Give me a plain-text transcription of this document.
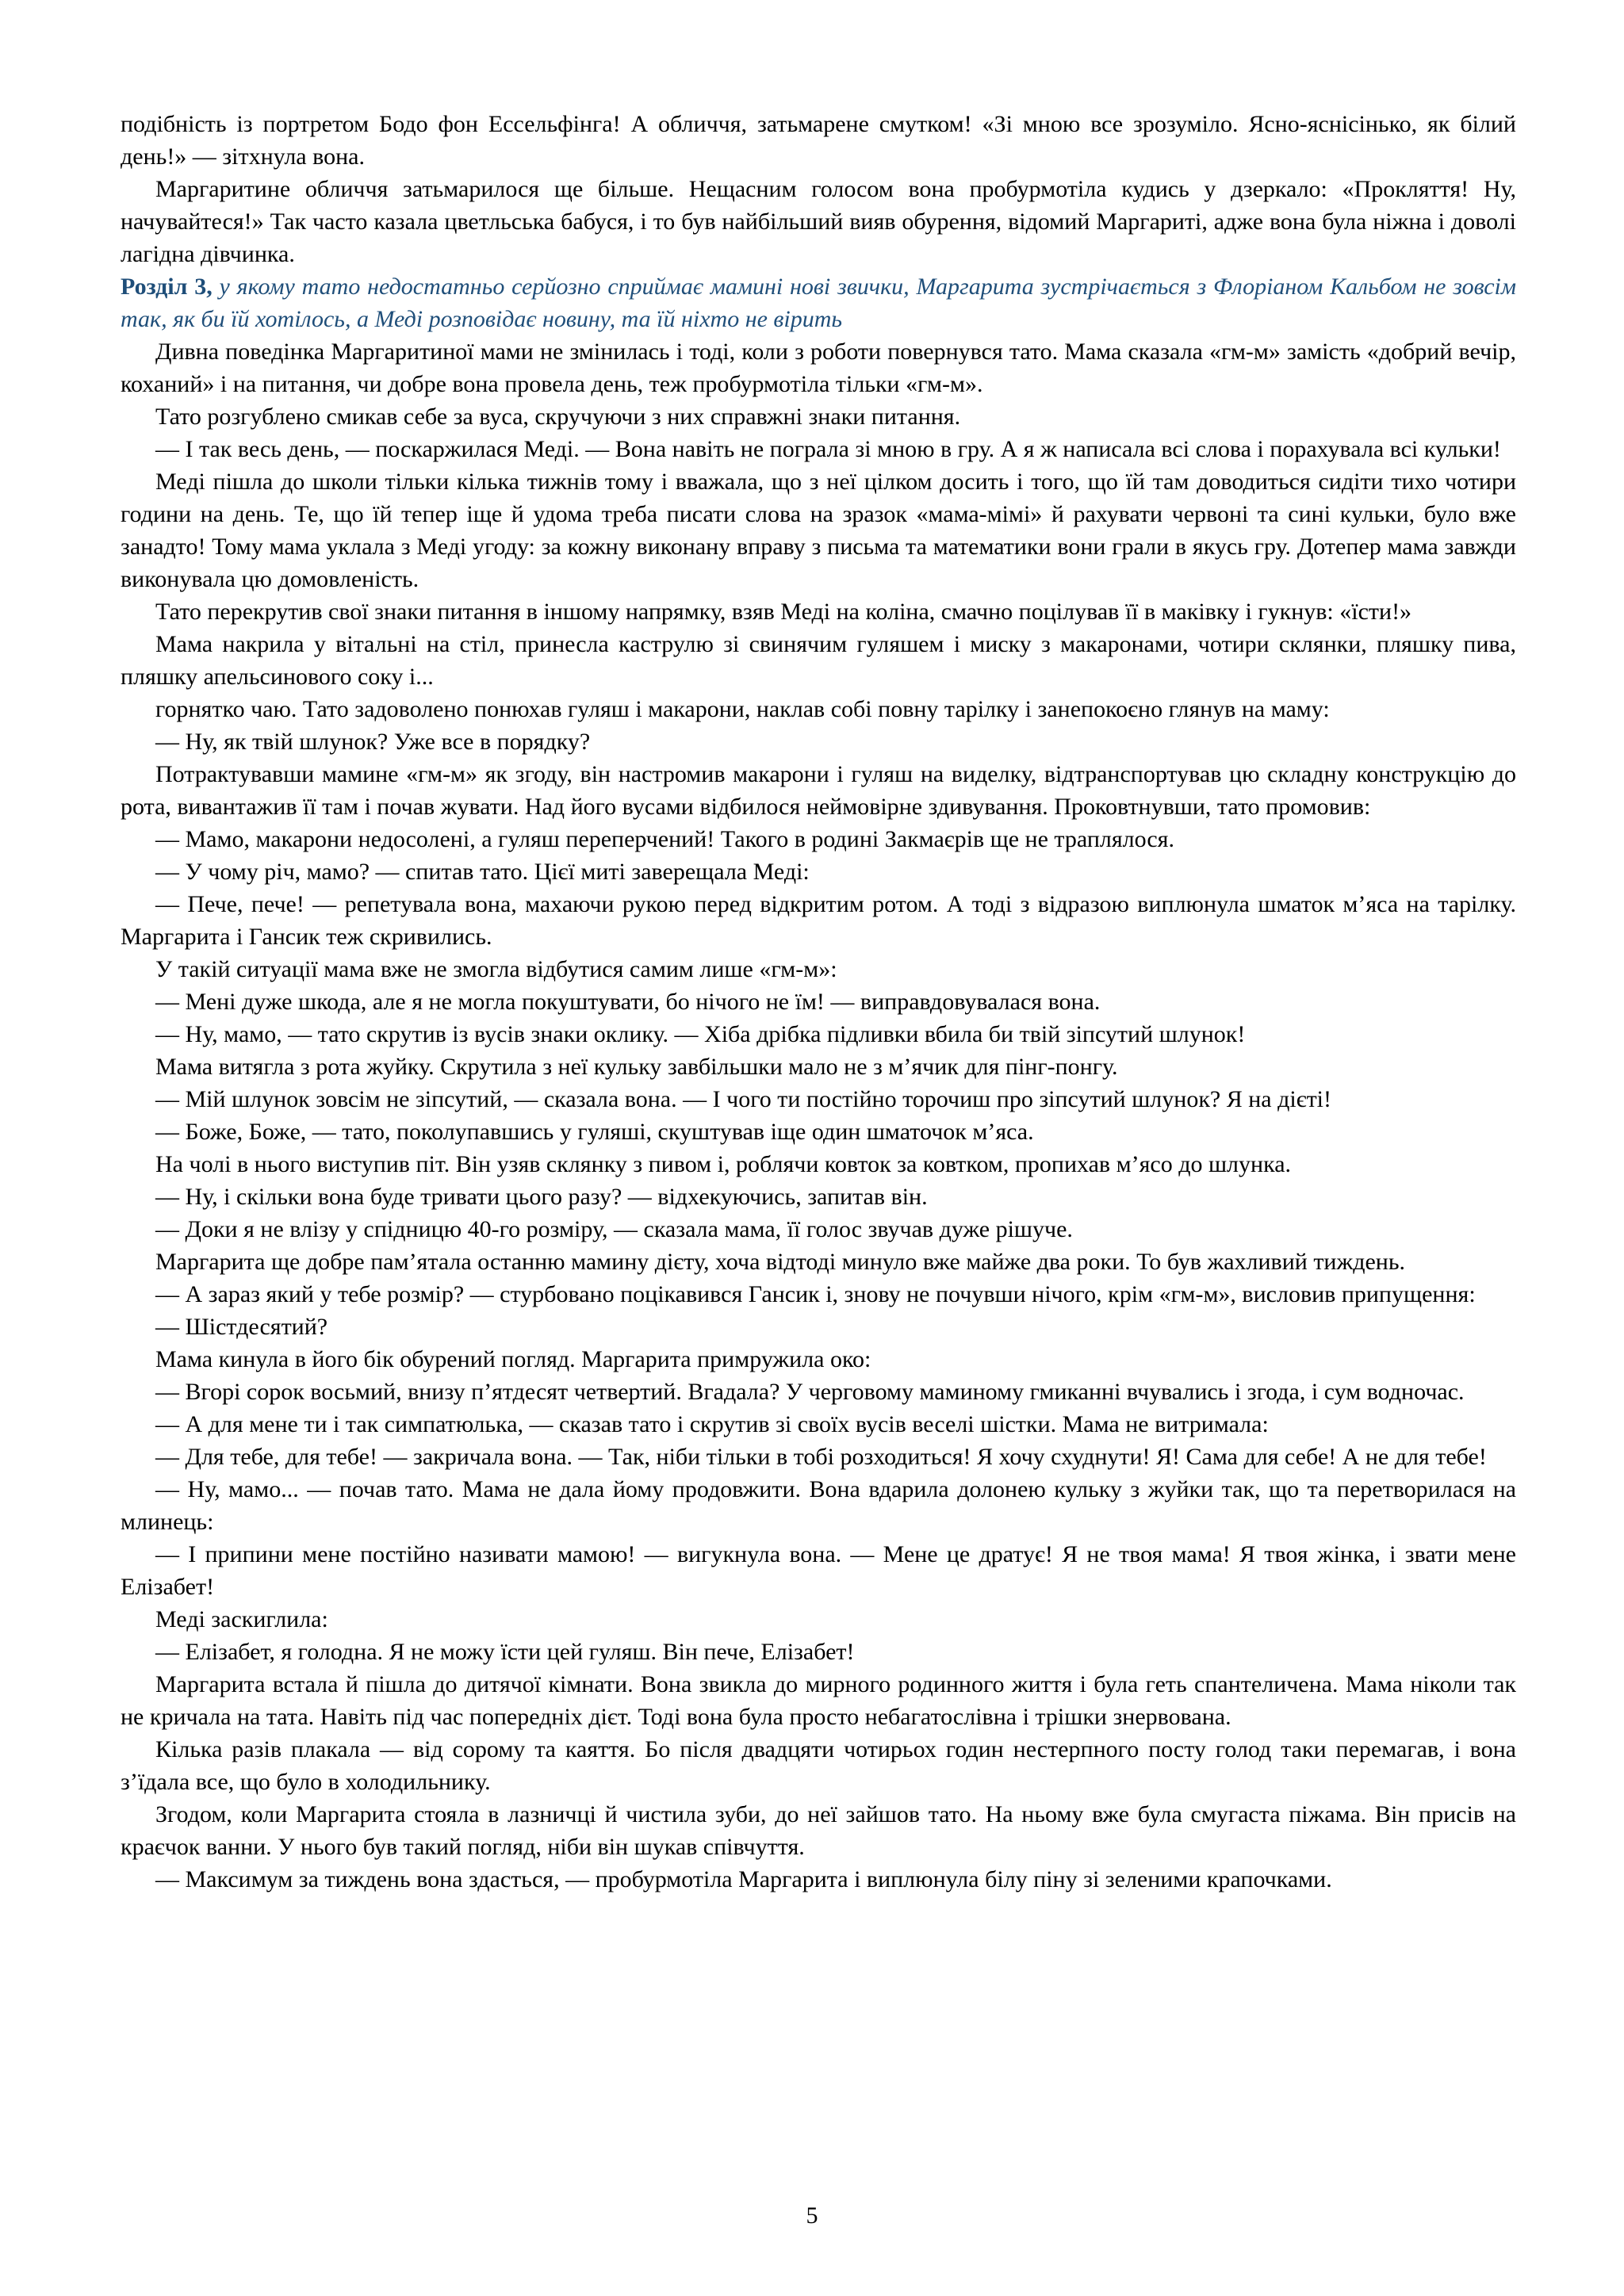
подібність із портретом Бодо фон Ессельфінга! А обличчя, затьмарене смутком! «Зі мною все зрозуміло. Ясно-яснісінько, як білий день!» — зітхнула вона.

Маргаритине обличчя затьмарилося ще більше. Нещасним голосом вона пробурмотіла кудись у дзеркало: «Прокляття! Ну, начувайтеся!» Так часто казала цветльська бабуся, і то був найбільший вияв обурення, відомий Маргариті, адже вона була ніжна і доволі лагідна дівчинка.

Розділ 3, у якому тато недостатньо серйозно сприймає мамині нові звички, Маргарита зустрічається з Флоріаном Кальбом не зовсім так, як би їй хотілось, а Меді розповідає новину, та їй ніхто не вірить

Дивна поведінка Маргаритиної мами не змінилась і тоді, коли з роботи повернувся тато. Мама сказала «гм-м» замість «добрий вечір, коханий» і на питання, чи добре вона провела день, теж пробурмотіла тільки «гм-м».

Тато розгублено смикав себе за вуса, скручуючи з них справжні знаки питання.

— І так весь день, — поскаржилася Меді. — Вона навіть не пограла зі мною в гру. А я ж написала всі слова і порахувала всі кульки!

Меді пішла до школи тільки кілька тижнів тому і вважала, що з неї цілком досить і того, що їй там доводиться сидіти тихо чотири години на день. Те, що їй тепер іще й удома треба писати слова на зразок «мама-мімі» й рахувати червоні та сині кульки, було вже занадто! Тому мама уклала з Меді угоду: за кожну виконану вправу з письма та математики вони грали в якусь гру. Дотепер мама завжди виконувала цю домовленість.

Тато перекрутив свої знаки питання в іншому напрямку, взяв Меді на коліна, смачно поцілував її в маківку і гукнув: «їсти!»

Мама накрила у вітальні на стіл, принесла каструлю зі свинячим гуляшем і миску з макаронами, чотири склянки, пляшку пива, пляшку апельсинового соку і...

горнятко чаю. Тато задоволено понюхав гуляш і макарони, наклав собі повну тарілку і занепокоєно глянув на маму:

— Ну, як твій шлунок? Уже все в порядку?

Потрактувавши мамине «гм-м» як згоду, він настромив макарони і гуляш на виделку, відтранспортував цю складну конструкцію до рота, вивантажив її там і почав жувати. Над його вусами відбилося неймовірне здивування. Проковтнувши, тато промовив:

— Мамо, макарони недосолені, а гуляш переперчений! Такого в родині Закмаєрів ще не траплялося.

— У чому річ, мамо? — спитав тато. Цієї миті заверещала Меді:

— Пече, пече! — репетувала вона, махаючи рукою перед відкритим ротом. А тоді з відразою виплюнула шматок м’яса на тарілку. Маргарита і Гансик теж скривились.

У такій ситуації мама вже не змогла відбутися самим лише «гм-м»:

— Мені дуже шкода, але я не могла покуштувати, бо нічого не їм! — виправдовувалася вона.

— Ну, мамо, — тато скрутив із вусів знаки оклику. — Хіба дрібка підливки вбила би твій зіпсутий шлунок!

Мама витягла з рота жуйку. Скрутила з неї кульку завбільшки мало не з м’ячик для пінг-понгу.

— Мій шлунок зовсім не зіпсутий, — сказала вона. — І чого ти постійно торочиш про зіпсутий шлунок? Я на дієті!

— Боже, Боже, — тато, поколупавшись у гуляші, скуштував іще один шматочок м’яса.

На чолі в нього виступив піт. Він узяв склянку з пивом і, роблячи ковток за ковтком, пропихав м’ясо до шлунка.

— Ну, і скільки вона буде тривати цього разу? — відхекуючись, запитав він.

— Доки я не влізу у спідницю 40-го розміру, — сказала мама, її голос звучав дуже рішуче.

Маргарита ще добре пам’ятала останню мамину дієту, хоча відтоді минуло вже майже два роки. То був жахливий тиждень.

— А зараз який у тебе розмір? — стурбовано поцікавився Гансик і, знову не почувши нічого, крім «гм-м», висловив припущення:

— Шістдесятий?

Мама кинула в його бік обурений погляд. Маргарита примружила око:

— Вгорі сорок восьмий, внизу п’ятдесят четвертий. Вгадала? У черговому маминому гмиканні вчувались і згода, і сум водночас.

— А для мене ти і так симпатюлька, — сказав тато і скрутив зі своїх вусів веселі шістки. Мама не витримала:

— Для тебе, для тебе! — закричала вона. — Так, ніби тільки в тобі розходиться! Я хочу схуднути! Я! Сама для себе! А не для тебе!

— Ну, мамо... — почав тато. Мама не дала йому продовжити. Вона вдарила долонею кульку з жуйки так, що та перетворилася на млинець:

— І припини мене постійно називати мамою! — вигукнула вона. — Мене це дратує! Я не твоя мама! Я твоя жінка, і звати мене Елізабет!

Меді заскиглила:

— Елізабет, я голодна. Я не можу їсти цей гуляш. Він пече, Елізабет!

Маргарита встала й пішла до дитячої кімнати. Вона звикла до мирного родинного життя і була геть спантеличена. Мама ніколи так не кричала на тата. Навіть під час попередніх дієт. Тоді вона була просто небагатослівна і трішки знервована.

Кілька разів плакала — від сорому та каяття. Бо після двадцяти чотирьох годин нестерпного посту голод таки перемагав, і вона з’їдала все, що було в холодильнику.

Згодом, коли Маргарита стояла в лазничці й чистила зуби, до неї зайшов тато. На ньому вже була смугаста піжама. Він присів на краєчок ванни. У нього був такий погляд, ніби він шукав співчуття.

— Максимум за тиждень вона здасться, — пробурмотіла Маргарита і виплюнула білу піну зі зеленими крапочками.

5
